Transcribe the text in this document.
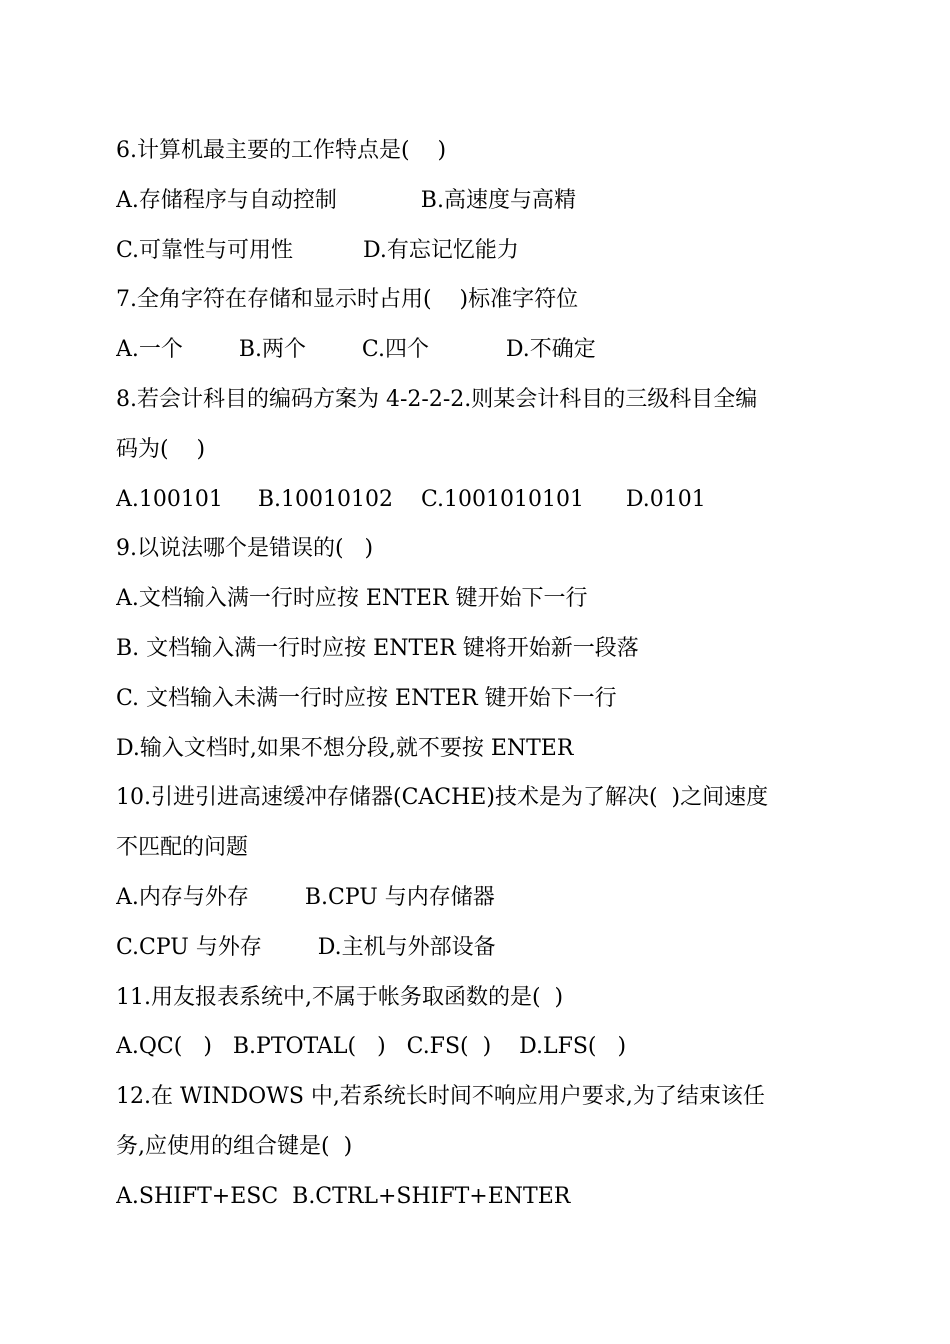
6.计算机最主要的工作特点是(    )
A.存储程序与自动控制            B.高速度与高精
C.可靠性与可用性          D.有忘记忆能力
7.全角字符在存储和显示时占用(    )标准字符位
A.一个        B.两个        C.四个           D.不确定
8.若会计科目的编码方案为 4-2-2-2.则某会计科目的三级科目全编
码为(    )
A.100101     B.10010102    C.1001010101      D.0101
9.以说法哪个是错误的(   )
A.文档输入满一行时应按 ENTER 键开始下一行
B. 文档输入满一行时应按 ENTER 键将开始新一段落
C. 文档输入未满一行时应按 ENTER 键开始下一行
D.输入文档时,如果不想分段,就不要按 ENTER
10.引进引进高速缓冲存储器(CACHE)技术是为了解决(  )之间速度
不匹配的问题
A.内存与外存        B.CPU 与内存储器
C.CPU 与外存        D.主机与外部设备
11.用友报表系统中,不属于帐务取函数的是(  )
A.QC(   )   B.PTOTAL(   )   C.FS(  )    D.LFS(   )
12.在 WINDOWS 中,若系统长时间不响应用户要求,为了结束该任
务,应使用的组合键是(  )
A.SHIFT+ESC  B.CTRL+SHIFT+ENTER
